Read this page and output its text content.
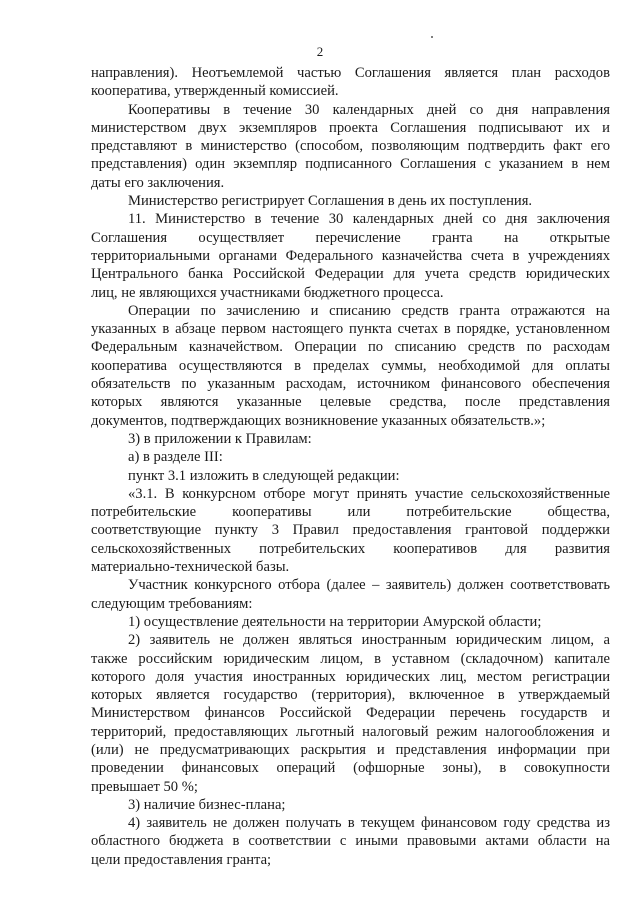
2
направления). Неотъемлемой частью Соглашения является план расходов
кооператива, утвержденный комиссией.
Кооперативы в течение 30 календарных дней со дня направления
министерством двух экземпляров проекта Соглашения подписывают их и
представляют в министерство (способом, позволяющим подтвердить факт его
представления) один экземпляр подписанного Соглашения с указанием в нем
даты его заключения.
Министерство регистрирует Соглашения в день их поступления.
11. Министерство в течение 30 календарных дней со дня заключения
Соглашения осуществляет перечисление гранта на открытые
территориальными органами Федерального казначейства счета в учреждениях
Центрального банка Российской Федерации для учета средств юридических
лиц, не являющихся участниками бюджетного процесса.
Операции по зачислению и списанию средств гранта отражаются на
указанных в абзаце первом настоящего пункта счетах в порядке, установленном
Федеральным казначейством. Операции по списанию средств по расходам
кооператива осуществляются в пределах суммы, необходимой для оплаты
обязательств по указанным расходам, источником финансового обеспечения
которых являются указанные целевые средства, после представления
документов, подтверждающих возникновение указанных обязательств.»;
3) в приложении к Правилам:
а) в разделе III:
пункт 3.1 изложить в следующей редакции:
«3.1. В конкурсном отборе могут принять участие сельскохозяйственные
потребительские кооперативы или потребительские общества,
соответствующие пункту 3 Правил предоставления грантовой поддержки
сельскохозяйственных потребительских кооперативов для развития
материально-технической базы.
Участник конкурсного отбора (далее – заявитель) должен соответствовать
следующим требованиям:
1) осуществление деятельности на территории Амурской области;
2) заявитель не должен являться иностранным юридическим лицом, а
также российским юридическим лицом, в уставном (складочном) капитале
которого доля участия иностранных юридических лиц, местом регистрации
которых является государство (территория), включенное в утверждаемый
Министерством финансов Российской Федерации перечень государств и
территорий, предоставляющих льготный налоговый режим налогообложения и
(или) не предусматривающих раскрытия и представления информации при
проведении финансовых операций (офшорные зоны), в совокупности
превышает 50 %;
3) наличие бизнес-плана;
4) заявитель не должен получать в текущем финансовом году средства из
областного бюджета в соответствии с иными правовыми актами области на
цели предоставления гранта;
